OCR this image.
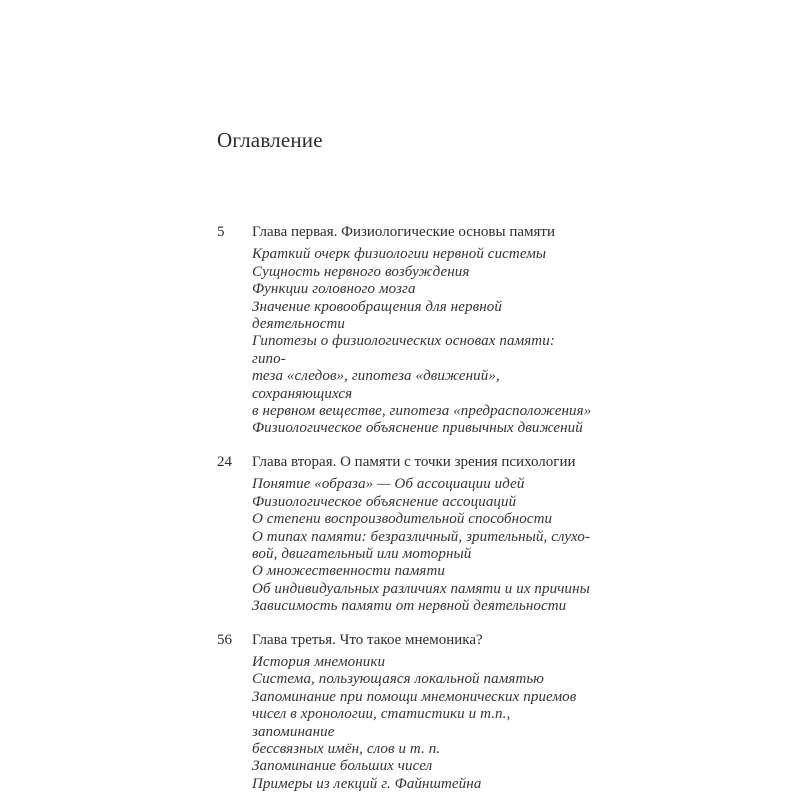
Оглавление
5	Глава первая. Физиологические основы памяти
Краткий очерк физиологии нервной системы
Сущность нервного возбуждения
Функции головного мозга
Значение кровообращения для нервной деятельности
Гипотезы о физиологических основах памяти: гипо-
теза «следов», гипотеза «движений», сохраняющихся
в нервном веществе, гипотеза «предрасположения»
Физиологическое объяснение привычных движений
24	Глава вторая. О памяти с точки зрения психологии
Понятие «образа» — Об ассоциации идей
Физиологическое объяснение ассоциаций
О степени воспроизводительной способности
О типах памяти: безразличный, зрительный, слухо-
вой, двигательный или моторный
О множественности памяти
Об индивидуальных различиях памяти и их причины
Зависимость памяти от нервной деятельности
56	Глава третья. Что такое мнемоника?
История мнемоники
Система, пользующаяся локальной памятью
Запоминание при помощи мнемонических приемов
чисел в хронологии, статистики и т.п., запоминание
бессвязных имён, слов и т. п.
Запоминание больших чисел
Примеры из лекций г. Файнштейна
